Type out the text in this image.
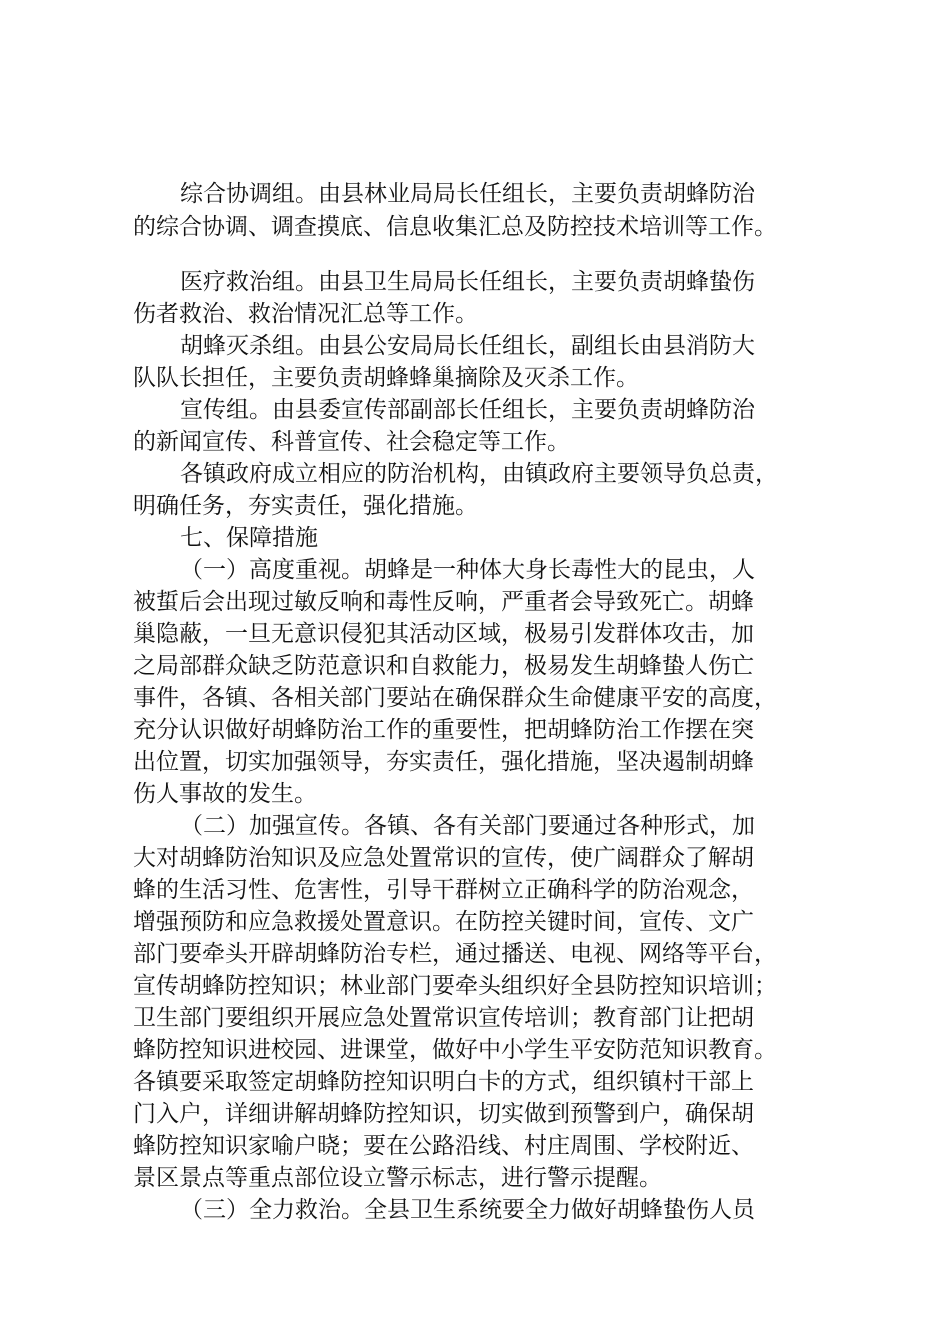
综合协调组。由县林业局局长任组长，主要负责胡蜂防治
的综合协调、调查摸底、信息收集汇总及防控技术培训等工作。
医疗救治组。由县卫生局局长任组长，主要负责胡蜂蛰伤
伤者救治、救治情况汇总等工作。
胡蜂灭杀组。由县公安局局长任组长，副组长由县消防大
队队长担任，主要负责胡蜂蜂巢摘除及灭杀工作。
宣传组。由县委宣传部副部长任组长，主要负责胡蜂防治
的新闻宣传、科普宣传、社会稳定等工作。
各镇政府成立相应的防治机构，由镇政府主要领导负总责，
明确任务，夯实责任，强化措施。
七、保障措施
（一）高度重视。胡蜂是一种体大身长毒性大的昆虫，人
被蜇后会出现过敏反响和毒性反响，严重者会导致死亡。胡蜂
巢隐蔽，一旦无意识侵犯其活动区域，极易引发群体攻击，加
之局部群众缺乏防范意识和自救能力，极易发生胡蜂蛰人伤亡
事件，各镇、各相关部门要站在确保群众生命健康平安的高度，
充分认识做好胡蜂防治工作的重要性，把胡蜂防治工作摆在突
出位置，切实加强领导，夯实责任，强化措施，坚决遏制胡蜂
伤人事故的发生。
（二）加强宣传。各镇、各有关部门要通过各种形式，加
大对胡蜂防治知识及应急处置常识的宣传，使广阔群众了解胡
蜂的生活习性、危害性，引导干群树立正确科学的防治观念，
增强预防和应急救援处置意识。在防控关键时间，宣传、文广
部门要牵头开辟胡蜂防治专栏，通过播送、电视、网络等平台，
宣传胡蜂防控知识；林业部门要牵头组织好全县防控知识培训；
卫生部门要组织开展应急处置常识宣传培训；教育部门让把胡
蜂防控知识进校园、进课堂，做好中小学生平安防范知识教育。
各镇要采取签定胡蜂防控知识明白卡的方式，组织镇村干部上
门入户，详细讲解胡蜂防控知识，切实做到预警到户，确保胡
蜂防控知识家喻户晓；要在公路沿线、村庄周围、学校附近、
景区景点等重点部位设立警示标志，进行警示提醒。
（三）全力救治。全县卫生系统要全力做好胡蜂蛰伤人员
